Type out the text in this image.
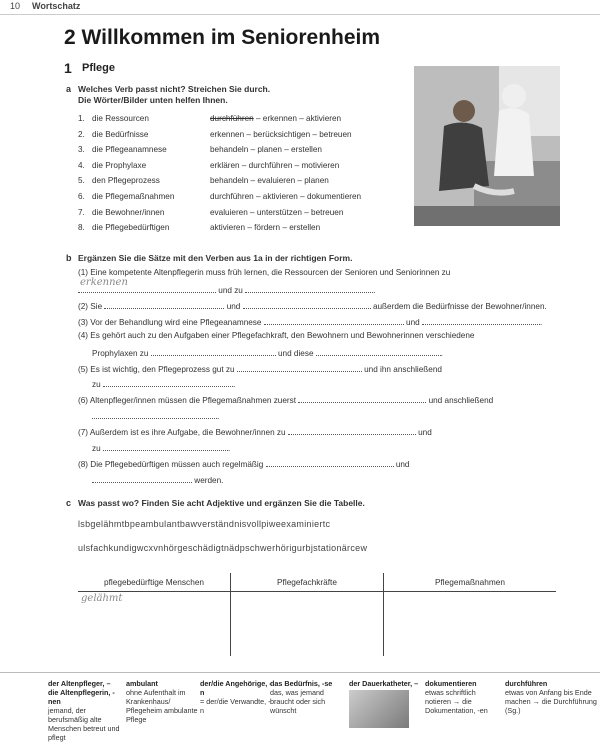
10 Wortschatz
2 Willkommen im Seniorenheim
1 Pflege
a Welches Verb passt nicht? Streichen Sie durch.
Die Wörter/Bilder unten helfen Ihnen.
1. die Ressourcen	durchführen – erkennen – aktivieren
2. die Bedürfnisse	erkennen – berücksichtigen – betreuen
3. die Pflegeanamnese	behandeln – planen – erstellen
4. die Prophylaxe	erklären – durchführen – motivieren
5. den Pflegeprozess	behandeln – evaluieren – planen
6. die Pflegemaßnahmen	durchführen – aktivieren – dokumentieren
7. die Bewohner/innen	evaluieren – unterstützen – betreuen
8. die Pflegebedürftigen	aktivieren – fördern – erstellen
b Ergänzen Sie die Sätze mit den Verben aus 1a in der richtigen Form.
(1) Eine kompetente Altenpflegerin muss früh lernen, die Ressourcen der Senioren und Seniorinnen zu
erkennen
und zu	.
(2) Sie	und	außerdem die Bedürfnisse der Bewohner/innen.
(3) Vor der Behandlung wird eine Pflegeanamnese	und	.
(4) Es gehört auch zu den Aufgaben einer Pflegefachkraft, den Bewohnern und Bewohnerinnen verschiedene
Prophylaxen zu	und diese	.
(5) Es ist wichtig, den Pflegeprozess gut zu	und ihn anschließend
zu	.
(6) Altenpfleger/innen müssen die Pflegemaßnahmen zuerst	und anschließend
.
(7) Außerdem ist es ihre Aufgabe, die Bewohner/innen zu	und
zu	.
(8) Die Pflegebedürftigen müssen auch regelmäßig	und
werden.
c Was passt wo? Finden Sie acht Adjektive und ergänzen Sie die Tabelle.
lsbgelähmtbpeambulantbawverständnisvollpiweexaminiertc
ulsfachkundigwcxvnhörgeschädigtnädpschwerhörigurbjstationärcew
pflegebedürftige Menschen	Pflegefachkräfte	Pflegemaßnahmen
gelähmt		
der Altenpfleger, – die Altenpflegerin, -nen
jemand, der berufsmäßig alte Menschen betreut und pflegt
ambulant
ohne Aufenthalt im Krankenhaus/ Pflegeheim ambulante Pflege
der/die Angehörige, -n
= der/die Verwandte, -n
das Bedürfnis, -se
das, was jemand braucht oder sich wünscht
der Dauerkatheter, – dokumentieren
etwas schriftlich notieren → die Dokumentation, -en
durchführen
etwas von Anfang bis Ende machen → die Durchführung (Sg.)
